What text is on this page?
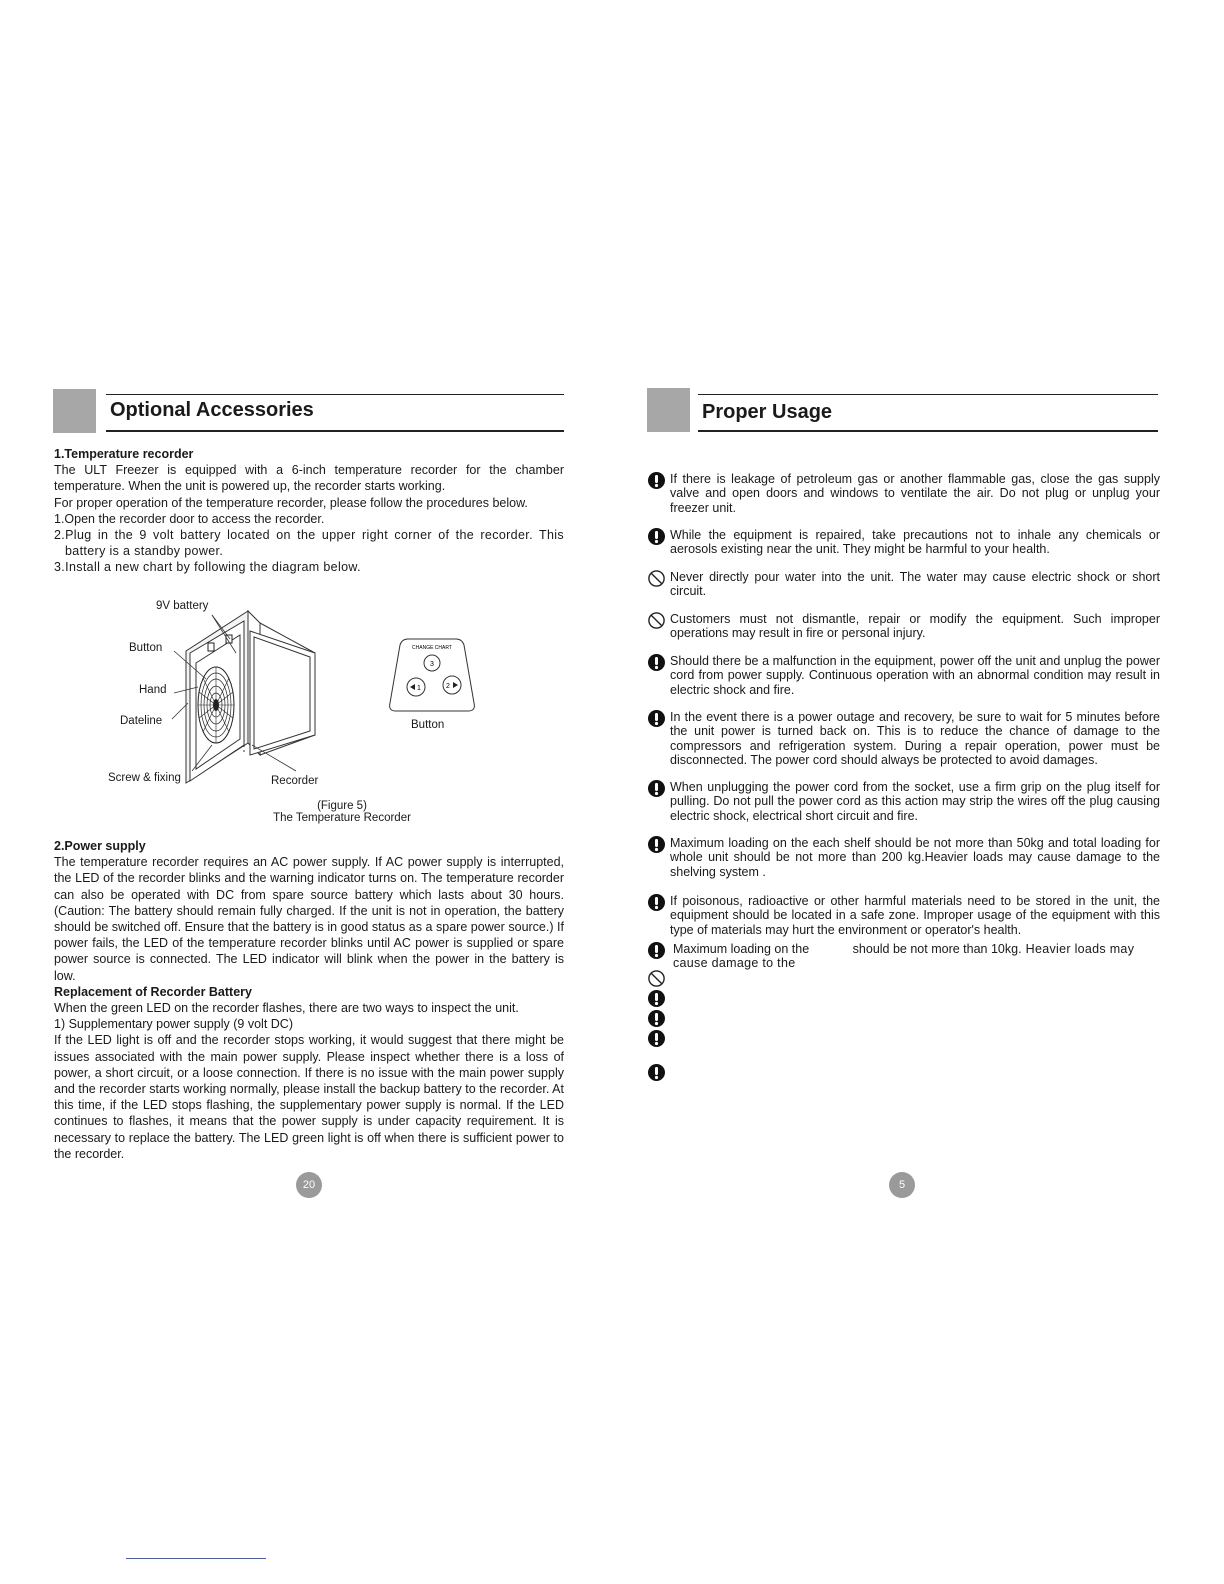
Optional Accessories

1.Temperature recorder

The ULT Freezer is equipped with a 6-inch temperature recorder for the chamber temperature. When the unit is powered up, the recorder starts working.

For proper operation of the temperature recorder, please follow the procedures below.

1.Open the recorder door to access the recorder.

2.Plug in the 9 volt battery located on the upper right corner of the recorder. This battery is a standby power.

3.Install a new chart by following the diagram below.

CHANGE CHART
3
1	2
9V battery
Button
Hand
Dateline
Screw & fixing	Recorder
Button
(Figure 5)
The Temperature Recorder

2.Power supply

The temperature recorder requires an AC power supply. If AC power supply is interrupted, the LED of the recorder blinks and the warning indicator turns on. The temperature recorder can also be operated with DC from spare source battery which lasts about 30 hours.(Caution: The battery should remain fully charged. If the unit is not in operation, the battery should be switched off. Ensure that the battery is in good status as a spare power source.) If power fails, the LED of the temperature recorder blinks until AC power is supplied or spare power source is connected. The LED indicator will blink when the power in the battery is low.

Replacement of Recorder Battery

When the green LED on the recorder flashes, there are two ways to inspect the unit.

1) Supplementary power supply (9 volt DC)

If the LED light is off and the recorder stops working, it would suggest that there might be issues associated with the main power supply. Please inspect whether there is a loss of power, a short circuit, or a loose connection. If there is no issue with the main power supply and the recorder starts working normally, please install the backup battery to the recorder. At this time, if the LED stops flashing, the supplementary power supply is normal. If the LED continues to flashes, it means that the power supply is under capacity requirement. It is necessary to replace the battery. The LED green light is off when there is sufficient power to the recorder.

20
Proper Usage
If there is leakage of petroleum gas or another flammable gas, close the gas supply valve and open doors and windows to ventilate the air. Do not plug or unplug your freezer unit.
While the equipment is repaired, take precautions not to inhale any chemicals or aerosols existing near the unit. They might be harmful to your health.
Never directly pour water into the unit. The water may cause electric shock or short circuit.
Customers must not dismantle, repair or modify the equipment. Such improper operations may result in fire or personal injury.
Should there be a malfunction in the equipment, power off the unit and unplug the power cord from power supply. Continuous operation with an abnormal condition may result in electric shock and fire.
In the event there is a power outage and recovery, be sure to wait for 5 minutes before the unit power is turned back on. This is to reduce the chance of damage to the compressors and refrigeration system. During a repair operation, power must be disconnected. The power cord should always be protected to avoid damages.
When unplugging the power cord from the socket, use a firm grip on the plug itself for pulling. Do not pull the power cord as this action may strip the wires off the plug causing electric shock, electrical short circuit and fire.
Maximum loading on the each shelf should be not more than 50kg and total loading for whole unit should be not more than 200 kg.Heavier loads may cause damage to the shelving system .
If poisonous, radioactive or other harmful materials need to be stored in the unit, the equipment should be located in a safe zone. Improper usage of the equipment with this type of materials may hurt the environment or operator's health.
Maximum loading on the	should be not more than 10kg. Heavier loads may
cause damage to the
5
